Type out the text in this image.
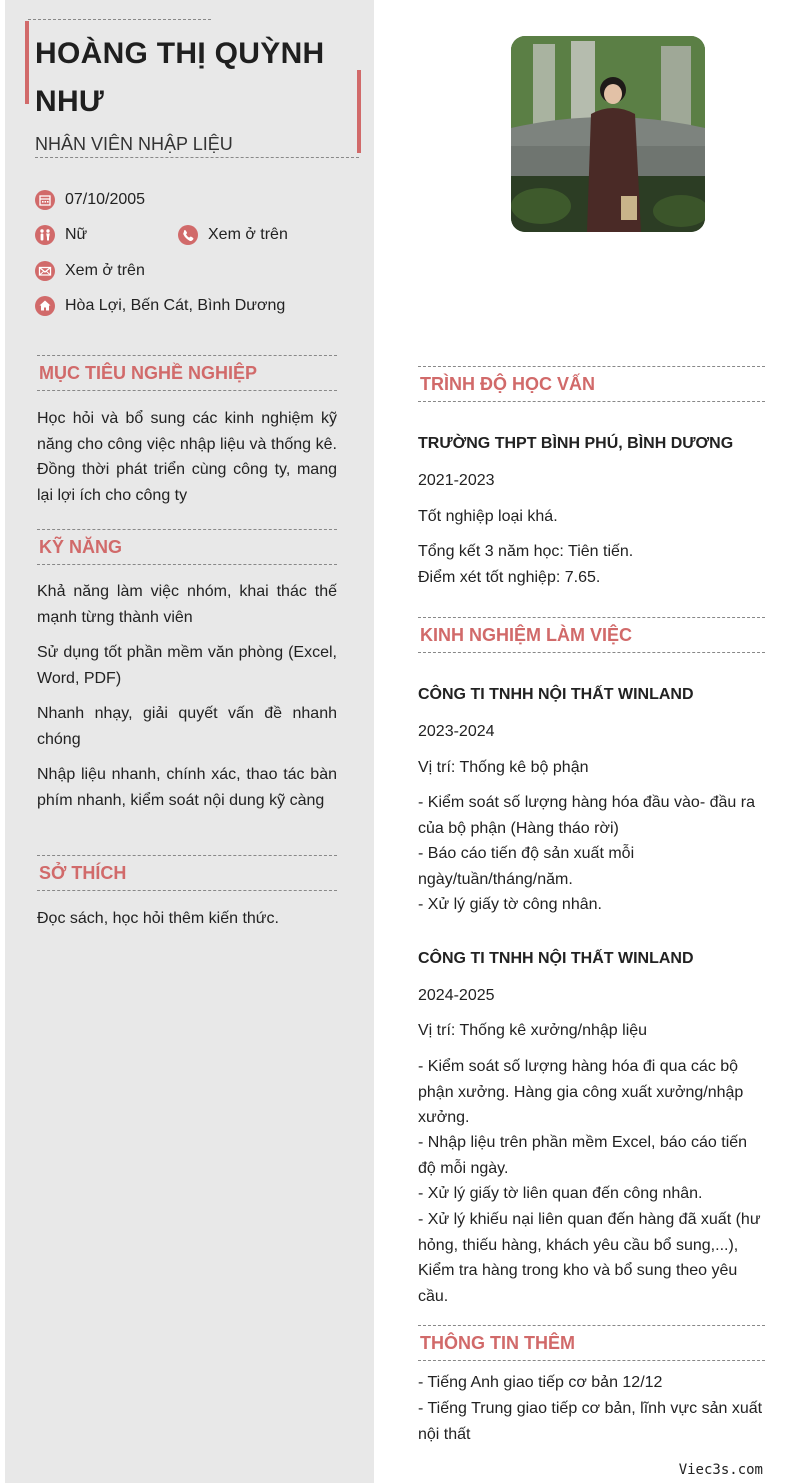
HOÀNG THỊ QUỲNH NHƯ
NHÂN VIÊN NHẬP LIỆU
07/10/2005
Nữ	Xem ở trên
Xem ở trên
Hòa Lợi, Bến Cát, Bình Dương
MỤC TIÊU NGHỀ NGHIỆP
Học hỏi và bổ sung các kinh nghiệm kỹ năng cho công việc nhập liệu và thống kê. Đồng thời phát triển cùng công ty, mang lại lợi ích cho công ty
KỸ NĂNG
Khả năng làm việc nhóm, khai thác thế mạnh từng thành viên
Sử dụng tốt phần mềm văn phòng (Excel, Word, PDF)
Nhanh nhạy, giải quyết vấn đề nhanh chóng
Nhập liệu nhanh, chính xác, thao tác bàn phím nhanh, kiểm soát nội dung kỹ càng
SỞ THÍCH
Đọc sách, học hỏi thêm kiến thức.
TRÌNH ĐỘ HỌC VẤN
TRƯỜNG THPT BÌNH PHÚ, BÌNH DƯƠNG
2021-2023
Tốt nghiệp loại khá.
Tổng kết 3 năm học: Tiên tiến.
Điểm xét tốt nghiệp: 7.65.
KINH NGHIỆM LÀM VIỆC
CÔNG TI TNHH NỘI THẤT WINLAND
2023-2024
Vị trí: Thống kê bộ phận
- Kiểm soát số lượng hàng hóa đầu vào- đầu ra của bộ phận (Hàng tháo rời)
- Báo cáo tiến độ sản xuất mỗi ngày/tuần/tháng/năm.
- Xử lý giấy tờ công nhân.
CÔNG TI TNHH NỘI THẤT WINLAND
2024-2025
Vị trí: Thống kê xưởng/nhập liệu
- Kiểm soát số lượng hàng hóa đi qua các bộ phận xưởng. Hàng gia công xuất xưởng/nhập xưởng.
- Nhập liệu trên phần mềm Excel, báo cáo tiến độ mỗi ngày.
- Xử lý giấy tờ liên quan đến công nhân.
- Xử lý khiếu nại liên quan đến hàng đã xuất (hư hỏng, thiếu hàng, khách yêu cầu bổ sung,...), Kiểm tra hàng trong kho và bổ sung theo yêu cầu.
THÔNG TIN THÊM
- Tiếng Anh giao tiếp cơ bản 12/12
- Tiếng Trung giao tiếp cơ bản, lĩnh vực sản xuất nội thất
Viec3s.com
